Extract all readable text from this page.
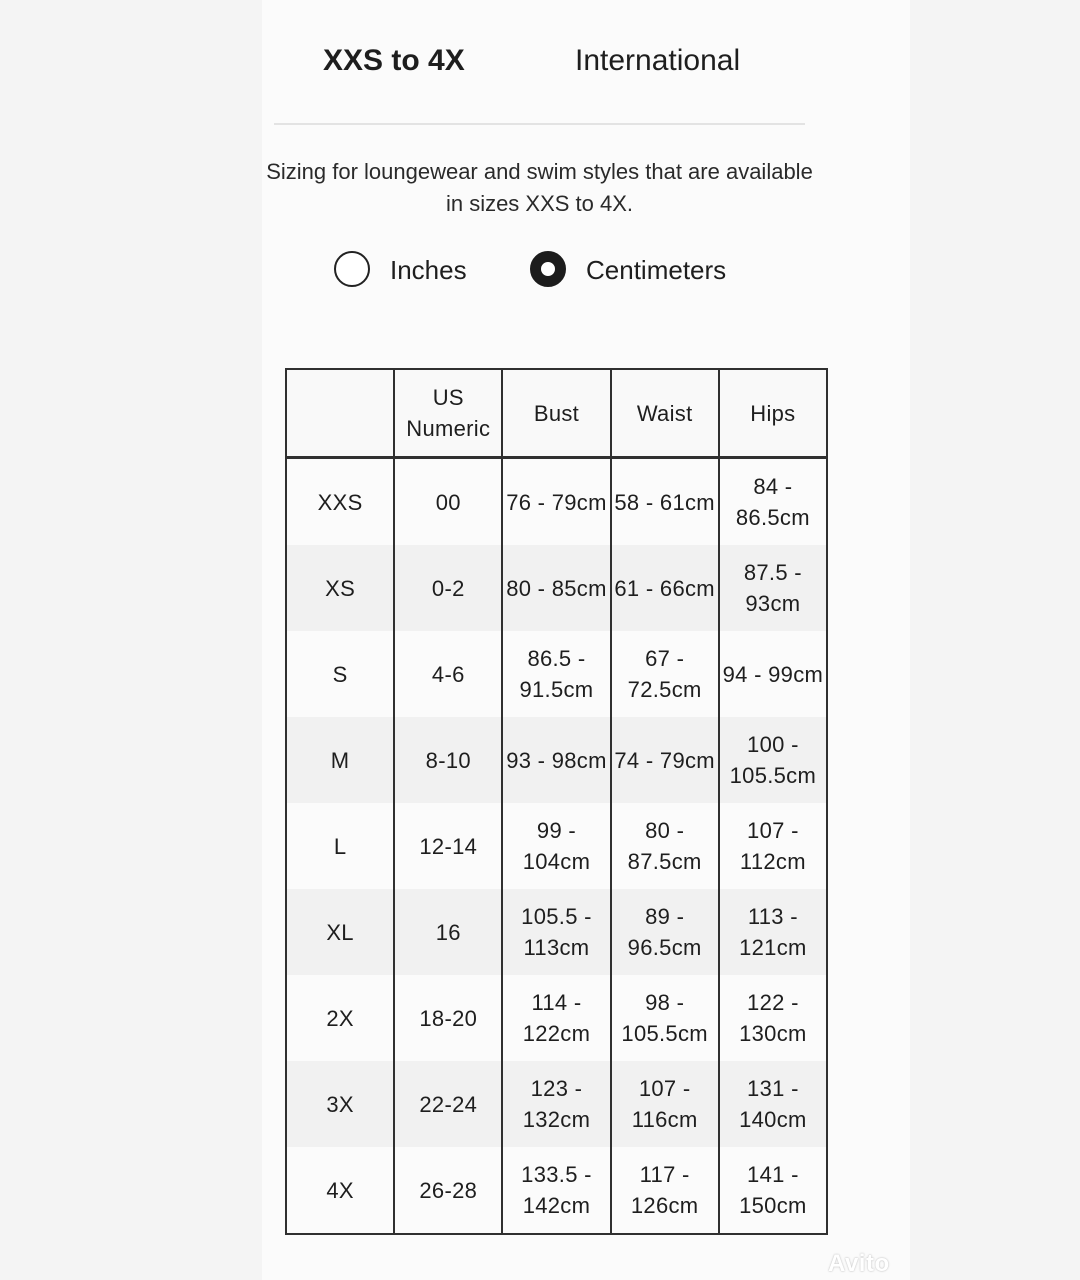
XXS to 4X	International
Sizing for loungewear and swim styles that are available in sizes XXS to 4X.
Inches	Centimeters
	US Numeric	Bust	Waist	Hips
XXS	00	76 - 79cm	58 - 61cm	84 - 86.5cm
XS	0-2	80 - 85cm	61 - 66cm	87.5 - 93cm
S	4-6	86.5 - 91.5cm	67 - 72.5cm	94 - 99cm
M	8-10	93 - 98cm	74 - 79cm	100 - 105.5cm
L	12-14	99 - 104cm	80 - 87.5cm	107 - 112cm
XL	16	105.5 - 113cm	89 - 96.5cm	113 - 121cm
2X	18-20	114 - 122cm	98 - 105.5cm	122 - 130cm
3X	22-24	123 - 132cm	107 - 116cm	131 - 140cm
4X	26-28	133.5 - 142cm	117 - 126cm	141 - 150cm
Avito
